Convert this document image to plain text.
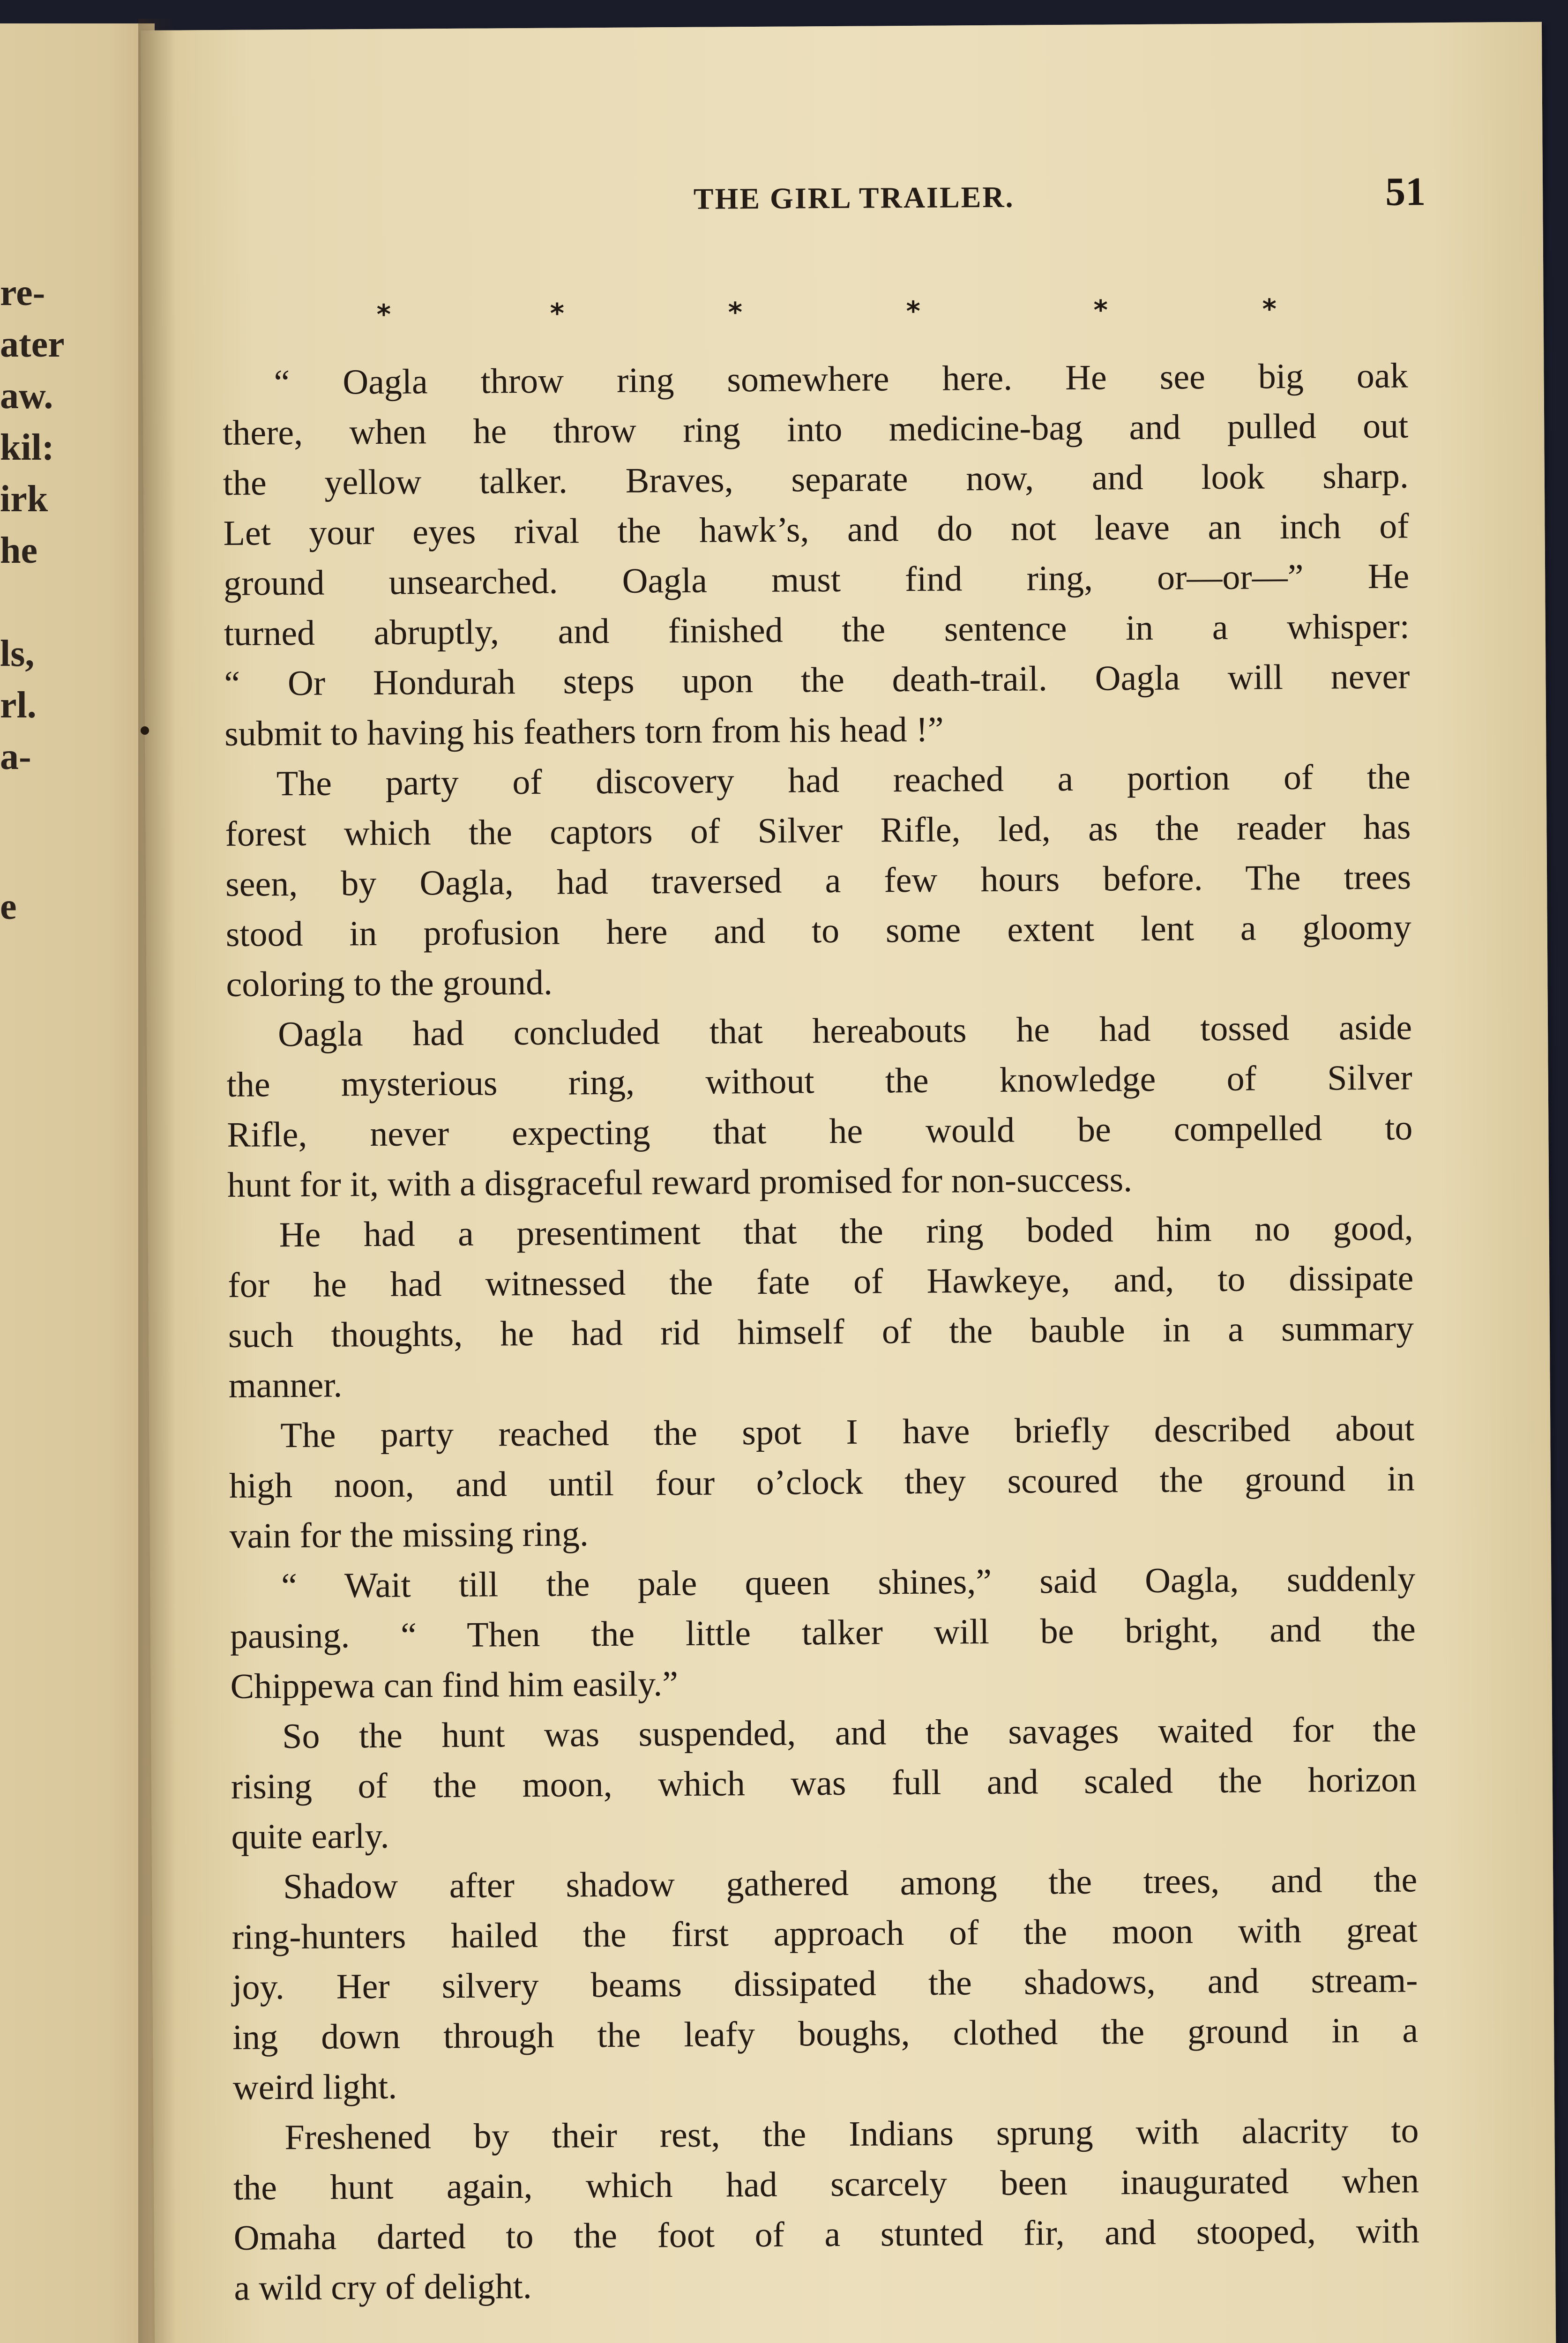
re-
ater
aw.
kil:
irk
he
ls,
rl.
a-
e
THE GIRL TRAILER.	51
*	*	*	*	*	*

“ Oagla throw ring somewhere here. He see big oak
there, when he throw ring into medicine-bag and pulled out
the yellow talker. Braves, separate now, and look sharp.
Let your eyes rival the hawk’s, and do not leave an inch of
ground unsearched. Oagla must find ring, or—or—” He
turned abruptly, and finished the sentence in a whisper:
“ Or Hondurah steps upon the death-trail. Oagla will never
submit to having his feathers torn from his head !”

The party of discovery had reached a portion of the
forest which the captors of Silver Rifle, led, as the reader has
seen, by Oagla, had traversed a few hours before. The trees
stood in profusion here and to some extent lent a gloomy
coloring to the ground.

Oagla had concluded that hereabouts he had tossed aside
the mysterious ring, without the knowledge of Silver
Rifle, never expecting that he would be compelled to
hunt for it, with a disgraceful reward promised for non-success.

He had a presentiment that the ring boded him no good,
for he had witnessed the fate of Hawkeye, and, to dissipate
such thoughts, he had rid himself of the bauble in a summary
manner.

The party reached the spot I have briefly described about
high noon, and until four o’clock they scoured the ground in
vain for the missing ring.

“ Wait till the pale queen shines,” said Oagla, suddenly
pausing. “ Then the little talker will be bright, and the
Chippewa can find him easily.”

So the hunt was suspended, and the savages waited for the
rising of the moon, which was full and scaled the horizon
quite early.

Shadow after shadow gathered among the trees, and the
ring-hunters hailed the first approach of the moon with great
joy. Her silvery beams dissipated the shadows, and stream-
ing down through the leafy boughs, clothed the ground in a
weird light.

Freshened by their rest, the Indians sprung with alacrity to
the hunt again, which had scarcely been inaugurated when
Omaha darted to the foot of a stunted fir, and stooped, with
a wild cry of delight.
